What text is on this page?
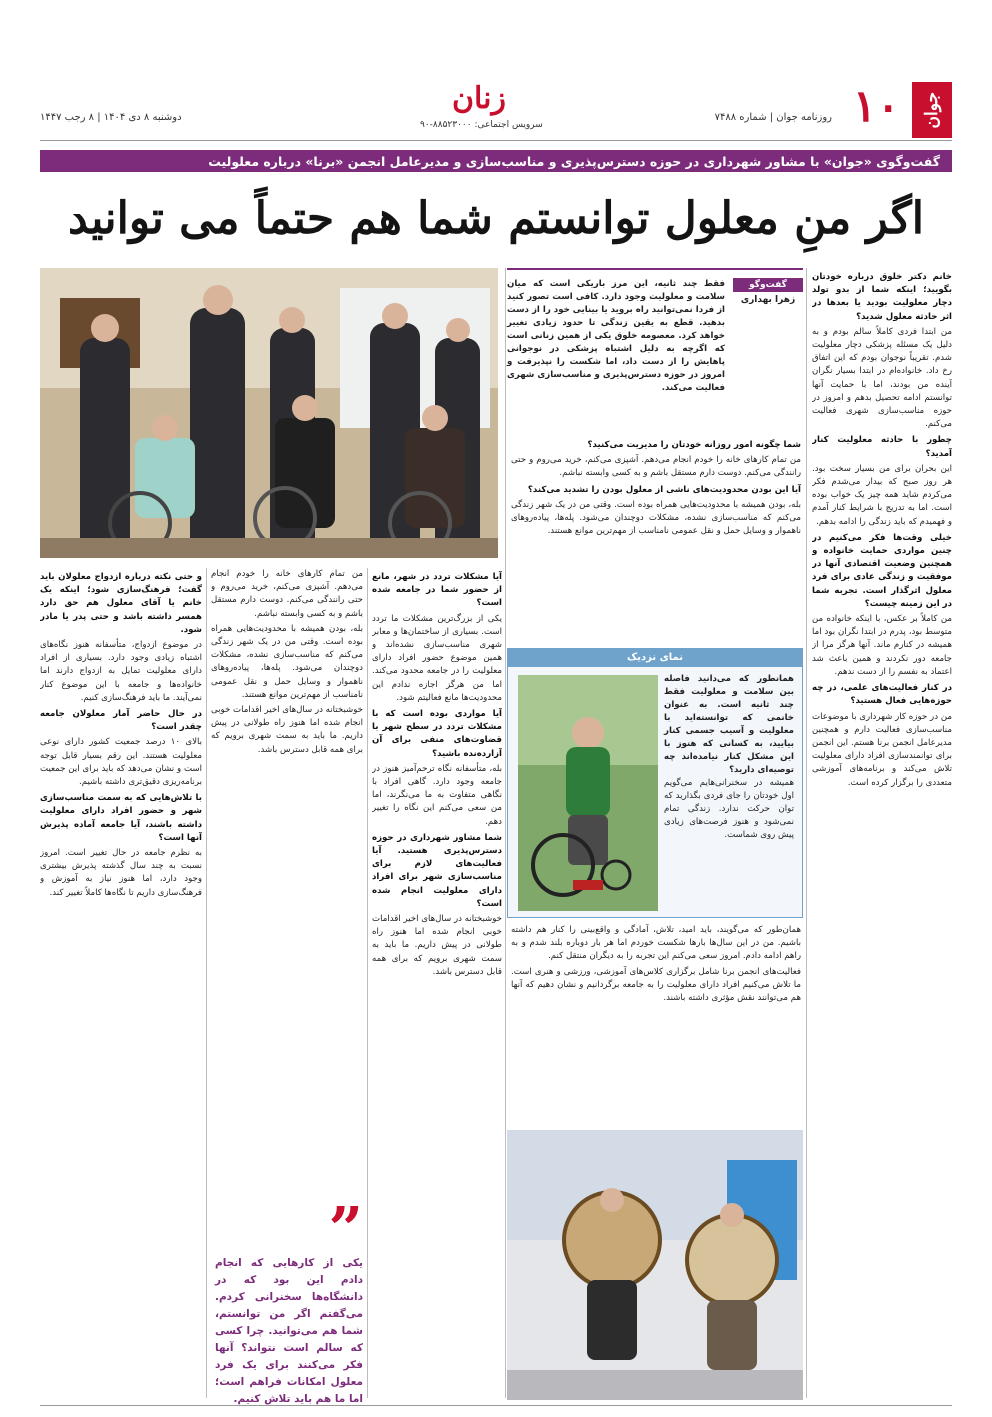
جوان
۱۰
روزنامه جوان | شماره ۷۴۸۸
زنان
سرویس اجتماعی: ۸۸۵۲۳۰۰۰-۹۰
دوشنبه ۸ دی ۱۴۰۴ | ۸ رجب ۱۴۴۷
گفت‌وگوی «جوان» با مشاور شهرداری در حوزه دسترس‌پذیری و مناسب‌سازی و مدیرعامل انجمن «برنا» درباره معلولیت
اگر منِ معلول توانستم شما هم حتماً می توانید
گفت‌وگو
زهرا بهداری
فقط چند ثانیه، این مرز باریکی است که میان سلامت و معلولیت وجود دارد. کافی است تصور کنید از فردا نمی‌توانید راه بروید یا بینایی خود را از دست بدهید. قطع به یقین زندگی تا حدود زیادی تغییر خواهد کرد. معصومه خلوق یکی از همین زنانی است که اگرچه به دلیل اشتباه پزشکی در نوجوانی پاهایش را از دست داد، اما شکست را نپذیرفت و امروز در حوزه دسترس‌پذیری و مناسب‌سازی شهری فعالیت می‌کند.

خانم دکتر خلوق درباره خودتان بگویید؛ اینکه شما از بدو تولد دچار معلولیت بودید یا بعدها در اثر حادثه معلول شدید؟
من ابتدا فردی کاملاً سالم بودم و به دلیل یک مسئله پزشکی دچار معلولیت شدم. تقریباً نوجوان بودم که این اتفاق رخ داد. خانواده‌ام در ابتدا بسیار نگران آینده من بودند، اما با حمایت آنها توانستم ادامه تحصیل بدهم و امروز در حوزه مناسب‌سازی شهری فعالیت می‌کنم.

چطور با حادثه معلولیت کنار آمدید؟
این بحران برای من بسیار سخت بود. هر روز صبح که بیدار می‌شدم فکر می‌کردم شاید همه چیز یک خواب بوده است. اما به تدریج با شرایط کنار آمدم و فهمیدم که باید زندگی را ادامه بدهم.

خیلی وقت‌ها فکر می‌کنیم در چنین مواردی حمایت خانواده و همچنین وضعیت اقتصادی آنها در موفقیت و زندگی عادی برای فرد معلول اثرگذار است. تجربه شما در این زمینه چیست؟
من کاملاً بر عکس، با اینکه خانواده من متوسط بود، پدرم در ابتدا نگران بود اما همیشه در کنارم ماند. آنها هرگز مرا از جامعه دور نکردند و همین باعث شد اعتماد به نفسم را از دست ندهم.

در کنار فعالیت‌های علمی، در چه حوزه‌هایی فعال هستید؟
من در حوزه کار شهرداری با موضوعات مناسب‌سازی فعالیت دارم و همچنین مدیرعامل انجمن برنا هستم. این انجمن برای توانمندسازی افراد دارای معلولیت تلاش می‌کند و برنامه‌های آموزشی متعددی را برگزار کرده است.

شما چگونه امور روزانه خودتان را مدیریت می‌کنید؟
من تمام کارهای خانه را خودم انجام می‌دهم. آشپزی می‌کنم، خرید می‌روم و حتی رانندگی می‌کنم. دوست دارم مستقل باشم و به کسی وابسته نباشم.

آیا این بودن محدودیت‌های ناشی از معلول بودن را تشدید می‌کند؟
بله، بودن همیشه با محدودیت‌هایی همراه بوده است. وقتی من در یک شهر زندگی می‌کنم که مناسب‌سازی نشده، مشکلات دوچندان می‌شود. پله‌ها، پیاده‌روهای ناهموار و وسایل حمل و نقل عمومی نامناسب از مهم‌ترین موانع هستند.

نمای نزدیک

همانطور که می‌دانید فاصله بین سلامت و معلولیت فقط چند ثانیه است. به عنوان خانمی که توانسته‌اید با معلولیت و آسیب جسمی کنار بیایید، به کسانی که هنوز با این مشکل کنار نیامده‌اند چه توصیه‌ای دارید؟

همیشه در سخنرانی‌هایم می‌گویم اول خودتان را جای فردی بگذارید که توان حرکت ندارد. زندگی تمام نمی‌شود و هنوز فرصت‌های زیادی پیش روی شماست.

همان‌طور که می‌گویند، باید امید، تلاش، آمادگی و واقع‌بینی را کنار هم داشته باشیم. من در این سال‌ها بارها شکست خوردم اما هر بار دوباره بلند شدم و به راهم ادامه دادم. امروز سعی می‌کنم این تجربه را به دیگران منتقل کنم.

فعالیت‌های انجمن برنا شامل برگزاری کلاس‌های آموزشی، ورزشی و هنری است. ما تلاش می‌کنیم افراد دارای معلولیت را به جامعه برگردانیم و نشان دهیم که آنها هم می‌توانند نقش مؤثری داشته باشند.

آیا مشکلات تردد در شهر، مانع از حضور شما در جامعه شده است؟
یکی از بزرگ‌ترین مشکلات ما تردد است. بسیاری از ساختمان‌ها و معابر شهری مناسب‌سازی نشده‌اند و همین موضوع حضور افراد دارای معلولیت را در جامعه محدود می‌کند. اما من هرگز اجازه ندادم این محدودیت‌ها مانع فعالیتم شود.

آیا مواردی بوده است که با مشکلات تردد در سطح شهر با قضاوت‌های منفی برای آن آزارده‌نده باشید؟
بله، متأسفانه نگاه ترحم‌آمیز هنوز در جامعه وجود دارد. گاهی افراد با نگاهی متفاوت به ما می‌نگرند، اما من سعی می‌کنم این نگاه را تغییر دهم.

شما مشاور شهرداری در حوزه دسترس‌پذیری هستید. آیا فعالیت‌های لازم برای مناسب‌سازی شهر برای افراد دارای معلولیت انجام شده است؟
خوشبختانه در سال‌های اخیر اقدامات خوبی انجام شده اما هنوز راه طولانی در پیش داریم. ما باید به سمت شهری برویم که برای همه قابل دسترس باشد.

من تمام کارهای خانه را خودم انجام می‌دهم. آشپزی می‌کنم، خرید می‌روم و حتی رانندگی می‌کنم. دوست دارم مستقل باشم و به کسی وابسته نباشم.

بله، بودن همیشه با محدودیت‌هایی همراه بوده است. وقتی من در یک شهر زندگی می‌کنم که مناسب‌سازی نشده، مشکلات دوچندان می‌شود. پله‌ها، پیاده‌روهای ناهموار و وسایل حمل و نقل عمومی نامناسب از مهم‌ترین موانع هستند.

خوشبختانه در سال‌های اخیر اقدامات خوبی انجام شده اما هنوز راه طولانی در پیش داریم. ما باید به سمت شهری برویم که برای همه قابل دسترس باشد.

”
یکی از کارهایی که انجام دادم این بود که در دانشگاه‌ها سخنرانی کردم. می‌گفتم اگر من توانستم، شما هم می‌توانید. چرا کسی که سالم است نتواند؟ آنها فکر می‌کنند برای یک فرد معلول امکانات فراهم است؛ اما ما هم باید تلاش کنیم.

و حتی نکته درباره ازدواج معلولان باید گفت؛ فرهنگ‌سازی شود؛ اینکه یک خانم یا آقای معلول هم حق دارد همسر داشته باشد و حتی پدر یا مادر شود.
در موضوع ازدواج، متأسفانه هنوز نگاه‌های اشتباه زیادی وجود دارد. بسیاری از افراد دارای معلولیت تمایل به ازدواج دارند اما خانواده‌ها و جامعه با این موضوع کنار نمی‌آیند. ما باید فرهنگ‌سازی کنیم.

در حال حاضر آمار معلولان جامعه چقدر است؟
بالای ۱۰ درصد جمعیت کشور دارای نوعی معلولیت هستند. این رقم بسیار قابل توجه است و نشان می‌دهد که باید برای این جمعیت برنامه‌ریزی دقیق‌تری داشته باشیم.

با تلاش‌هایی که به سمت مناسب‌سازی شهر و حضور افراد دارای معلولیت داشته باشند، آیا جامعه آماده پذیرش آنها است؟
به نظرم جامعه در حال تغییر است. امروز نسبت به چند سال گذشته پذیرش بیشتری وجود دارد، اما هنوز نیاز به آموزش و فرهنگ‌سازی داریم تا نگاه‌ها کاملاً تغییر کند.
